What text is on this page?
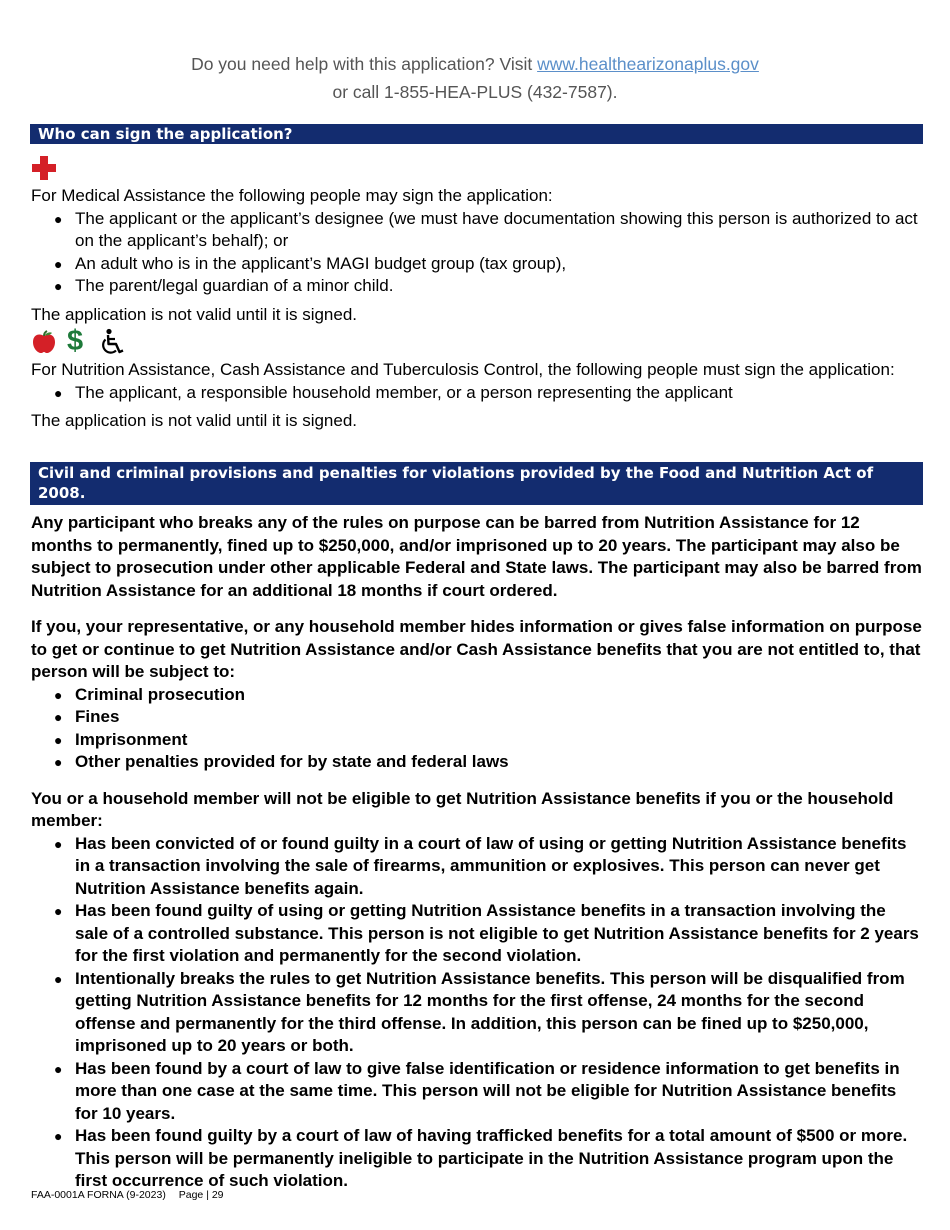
Do you need help with this application? Visit www.healthearizonaplus.gov
or call 1-855-HEA-PLUS (432-7587).
Who can sign the application?

For Medical Assistance the following people may sign the application:

● The applicant or the applicant’s designee (we must have documentation showing this person is authorized to act on the applicant’s behalf); or
● An adult who is in the applicant’s MAGI budget group (tax group),
● The parent/legal guardian of a minor child.

The application is not valid until it is signed.

$

For Nutrition Assistance, Cash Assistance and Tuberculosis Control, the following people must sign the application:

● The applicant, a responsible household member, or a person representing the applicant

The application is not valid until it is signed.

Civil and criminal provisions and penalties for violations provided by the Food and Nutrition Act of 2008.

Any participant who breaks any of the rules on purpose can be barred from Nutrition Assistance for 12 months to permanently, fined up to $250,000, and/or imprisoned up to 20 years. The participant may also be subject to prosecution under other applicable Federal and State laws. The participant may also be barred from Nutrition Assistance for an additional 18 months if court ordered.

If you, your representative, or any household member hides information or gives false information on purpose to get or continue to get Nutrition Assistance and/or Cash Assistance benefits that you are not entitled to, that person will be subject to:

● Criminal prosecution
● Fines
● Imprisonment
● Other penalties provided for by state and federal laws

You or a household member will not be eligible to get Nutrition Assistance benefits if you or the household member:

● Has been convicted of or found guilty in a court of law of using or getting Nutrition Assistance benefits in a transaction involving the sale of firearms, ammunition or explosives. This person can never get Nutrition Assistance benefits again.
● Has been found guilty of using or getting Nutrition Assistance benefits in a transaction involving the sale of a controlled substance. This person is not eligible to get Nutrition Assistance benefits for 2 years for the first violation and permanently for the second violation.
● Intentionally breaks the rules to get Nutrition Assistance benefits. This person will be disqualified from getting Nutrition Assistance benefits for 12 months for the first offense, 24 months for the second offense and permanently for the third offense. In addition, this person can be fined up to $250,000, imprisoned up to 20 years or both.
● Has been found by a court of law to give false identification or residence information to get benefits in more than one case at the same time. This person will not be eligible for Nutrition Assistance benefits for 10 years.
● Has been found guilty by a court of law of having trafficked benefits for a total amount of $500 or more. This person will be permanently ineligible to participate in the Nutrition Assistance program upon the first occurrence of such violation.
FAA-0001A FORNA (9-2023) Page | 29
